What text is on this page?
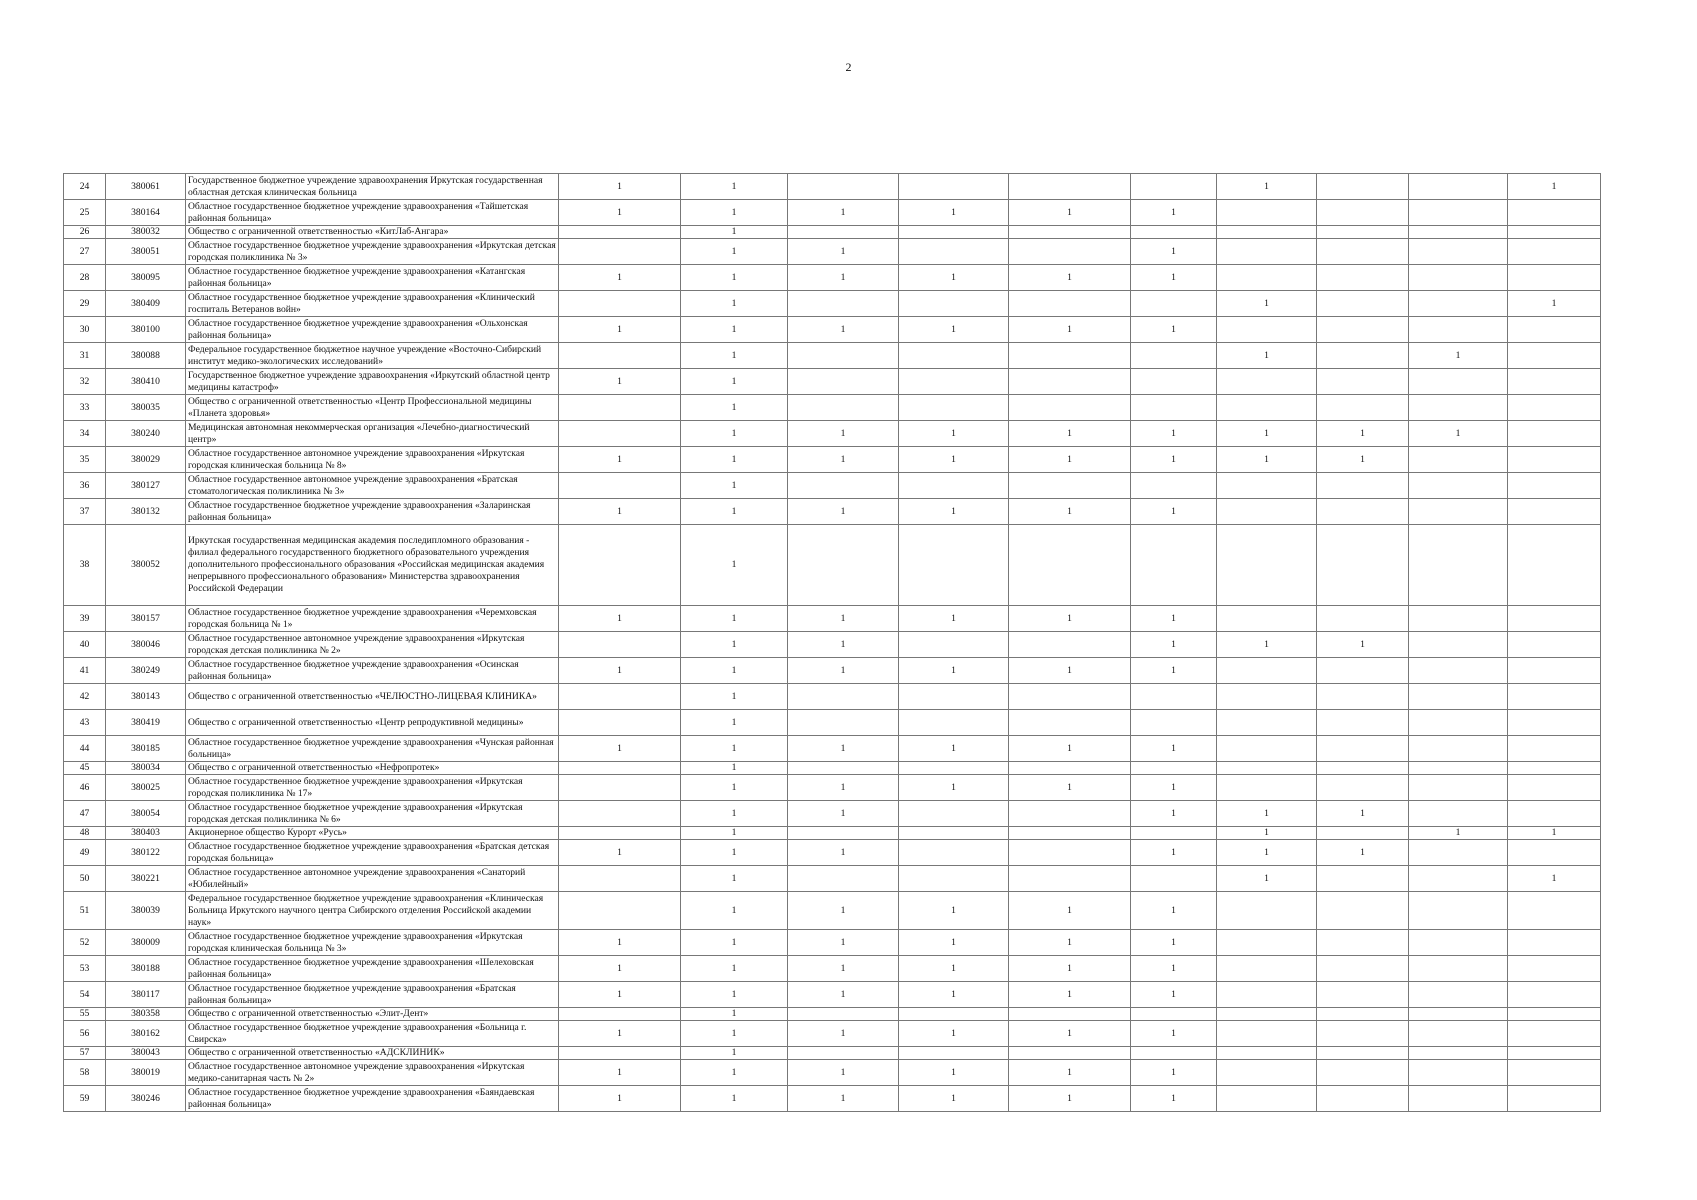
2
24	380061	Государственное бюджетное учреждение здравоохранения Иркутская государственная областная детская клиническая больница	1	1					1			1
25	380164	Областное государственное бюджетное учреждение здравоохранения «Тайшетская районная больница»	1	1	1	1	1	1				
26	380032	Общество с ограниченной ответственностью «КитЛаб-Ангара»		1								
27	380051	Областное государственное бюджетное учреждение здравоохранения «Иркутская детская городская поликлиника № 3»		1	1			1				
28	380095	Областное государственное бюджетное учреждение здравоохранения «Катангская районная больница»	1	1	1	1	1	1				
29	380409	Областное государственное бюджетное учреждение здравоохранения «Клинический госпиталь Ветеранов войн»		1					1			1
30	380100	Областное государственное бюджетное учреждение здравоохранения «Ольхонская районная больница»	1	1	1	1	1	1				
31	380088	Федеральное государственное бюджетное научное учреждение «Восточно-Сибирский институт медико-экологических исследований»		1					1		1	
32	380410	Государственное бюджетное учреждение здравоохранения «Иркутский областной центр медицины катастроф»	1	1								
33	380035	Общество с ограниченной ответственностью «Центр Профессиональной медицины «Планета здоровья»		1								
34	380240	Медицинская автономная некоммерческая организация «Лечебно-диагностический центр»		1	1	1	1	1	1	1	1	
35	380029	Областное государственное автономное учреждение здравоохранения «Иркутская городская клиническая больница № 8»	1	1	1	1	1	1	1	1		
36	380127	Областное государственное автономное учреждение здравоохранения «Братская стоматологическая поликлиника № 3»		1								
37	380132	Областное государственное бюджетное учреждение здравоохранения «Заларинская районная больница»	1	1	1	1	1	1				
38	380052	Иркутская государственная медицинская академия последипломного образования - филиал федерального государственного бюджетного образовательного учреждения дополнительного профессионального образования «Российская медицинская академия непрерывного профессионального образования» Министерства здравоохранения Российской Федерации		1								
39	380157	Областное государственное бюджетное учреждение здравоохранения «Черемховская городская больница № 1»	1	1	1	1	1	1				
40	380046	Областное государственное автономное учреждение здравоохранения «Иркутская городская детская поликлиника № 2»		1	1			1	1	1		
41	380249	Областное государственное бюджетное учреждение здравоохранения «Осинская районная больница»	1	1	1	1	1	1				
42	380143	Общество с ограниченной ответственностью «ЧЕЛЮСТНО-ЛИЦЕВАЯ КЛИНИКА»		1								
43	380419	Общество с ограниченной ответственностью «Центр репродуктивной медицины»		1								
44	380185	Областное государственное бюджетное учреждение здравоохранения «Чунская районная больница»	1	1	1	1	1	1				
45	380034	Общество с ограниченной ответственностью «Нефропротек»		1								
46	380025	Областное государственное бюджетное учреждение здравоохранения «Иркутская городская поликлиника № 17»		1	1	1	1	1				
47	380054	Областное государственное бюджетное учреждение здравоохранения «Иркутская городская детская поликлиника № 6»		1	1			1	1	1		
48	380403	Акционерное общество Курорт «Русь»		1					1		1	1
49	380122	Областное государственное бюджетное учреждение здравоохранения «Братская детская городская больница»	1	1	1			1	1	1		
50	380221	Областное государственное автономное учреждение здравоохранения «Санаторий «Юбилейный»		1					1			1
51	380039	Федеральное государственное бюджетное учреждение здравоохранения «Клиническая Больница Иркутского научного центра Сибирского отделения Российской академии наук»		1	1	1	1	1				
52	380009	Областное государственное бюджетное учреждение здравоохранения «Иркутская городская клиническая больница № 3»	1	1	1	1	1	1				
53	380188	Областное государственное бюджетное учреждение здравоохранения «Шелеховская районная больница»	1	1	1	1	1	1				
54	380117	Областное государственное бюджетное учреждение здравоохранения «Братская районная больница»	1	1	1	1	1	1				
55	380358	Общество с ограниченной ответственностью «Элит-Дент»		1								
56	380162	Областное государственное бюджетное учреждение здравоохранения «Больница г. Свирска»	1	1	1	1	1	1				
57	380043	Общество с ограниченной ответственностью «АДСКЛИНИК»		1								
58	380019	Областное государственное автономное учреждение здравоохранения «Иркутская медико-санитарная часть № 2»	1	1	1	1	1	1				
59	380246	Областное государственное бюджетное учреждение здравоохранения «Баяндаевская районная больница»	1	1	1	1	1	1				
